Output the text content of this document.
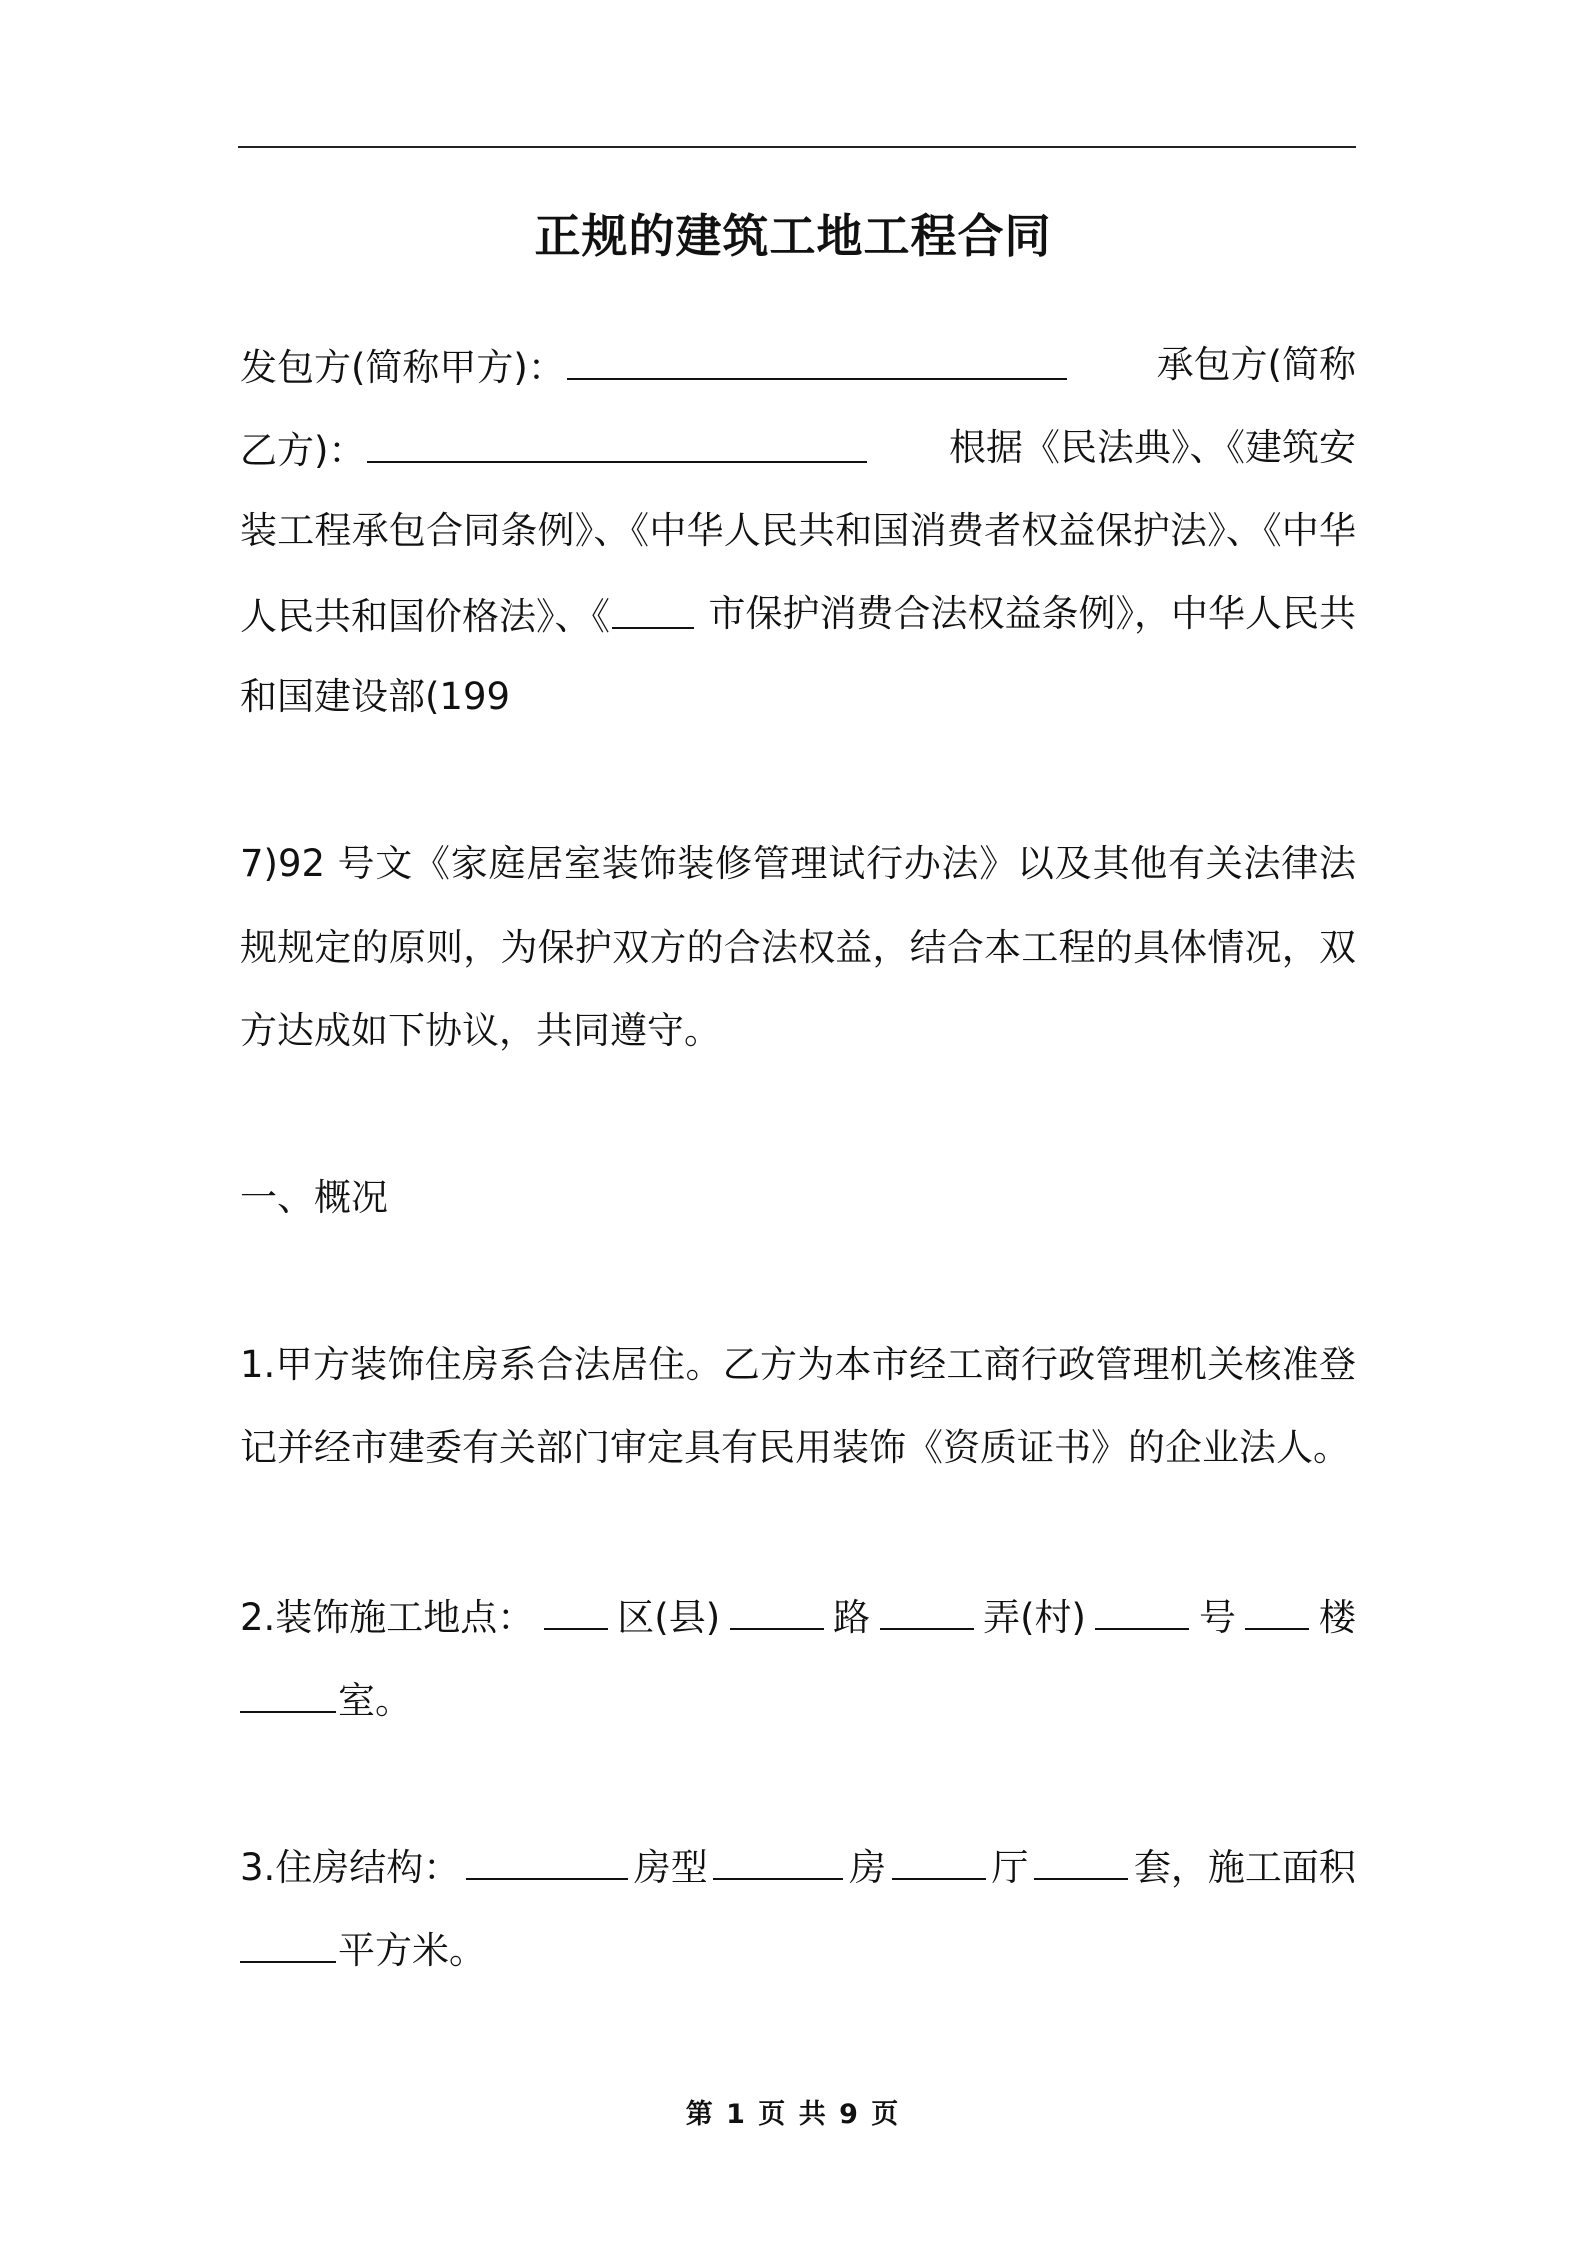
正规的建筑工地工程合同
发包方(简称甲方)：	承包方(简称
乙方)：	根据《民法典》、《建筑安
装工程承包合同条例》、《中华人民共和国消费者权益保护法》、《中华
人民共和国价格法》、《	市保护消费合法权益条例》，中华人民共
和国建设部(199
7)92 号文《家庭居室装饰装修管理试行办法》以及其他有关法律法
规规定的原则，为保护双方的合法权益，结合本工程的具体情况，双
方达成如下协议，共同遵守。
一、概况
1.甲方装饰住房系合法居住。乙方为本市经工商行政管理机关核准登
记并经市建委有关部门审定具有民用装饰《资质证书》的企业法人。
2.装饰施工地点： 区(县)	路	弄(村)	号 楼
室。
3.住房结构：	房型	房	厅	套，施工面积
平方米。
第 1 页 共 9 页
